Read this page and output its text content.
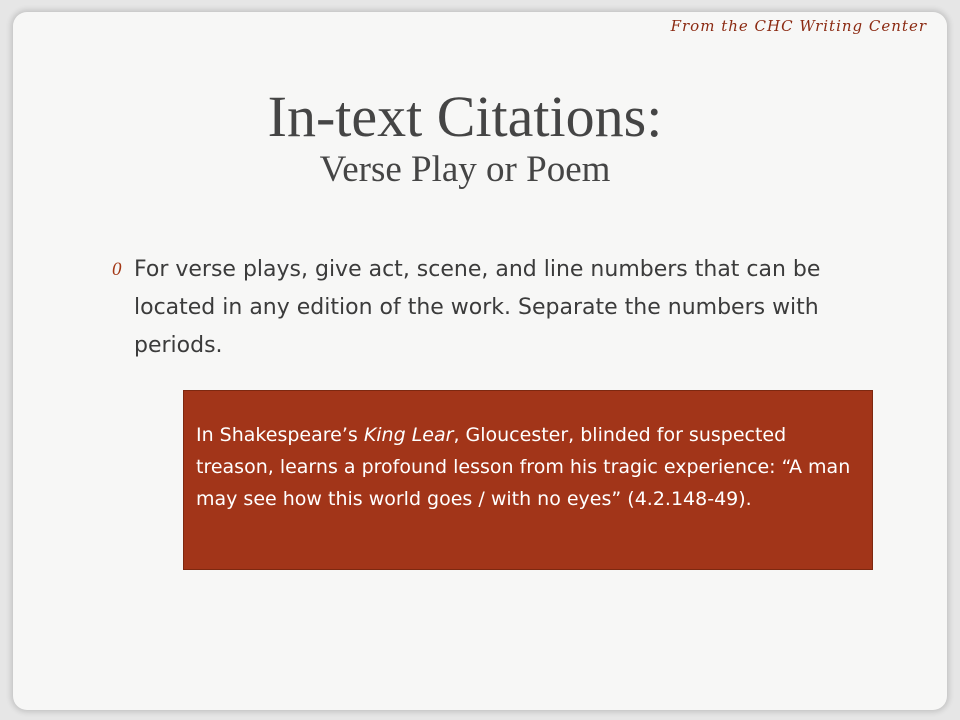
From the CHC Writing Center

In-text Citations:
Verse Play or Poem
0 For verse plays, give act, scene, and line numbers that can be located in any edition of the work. Separate the numbers with periods.

In Shakespeare’s King Lear, Gloucester, blinded for suspected treason, learns a profound lesson from his tragic experience: “A man may see how this world goes / with no eyes” (4.2.148-49).
